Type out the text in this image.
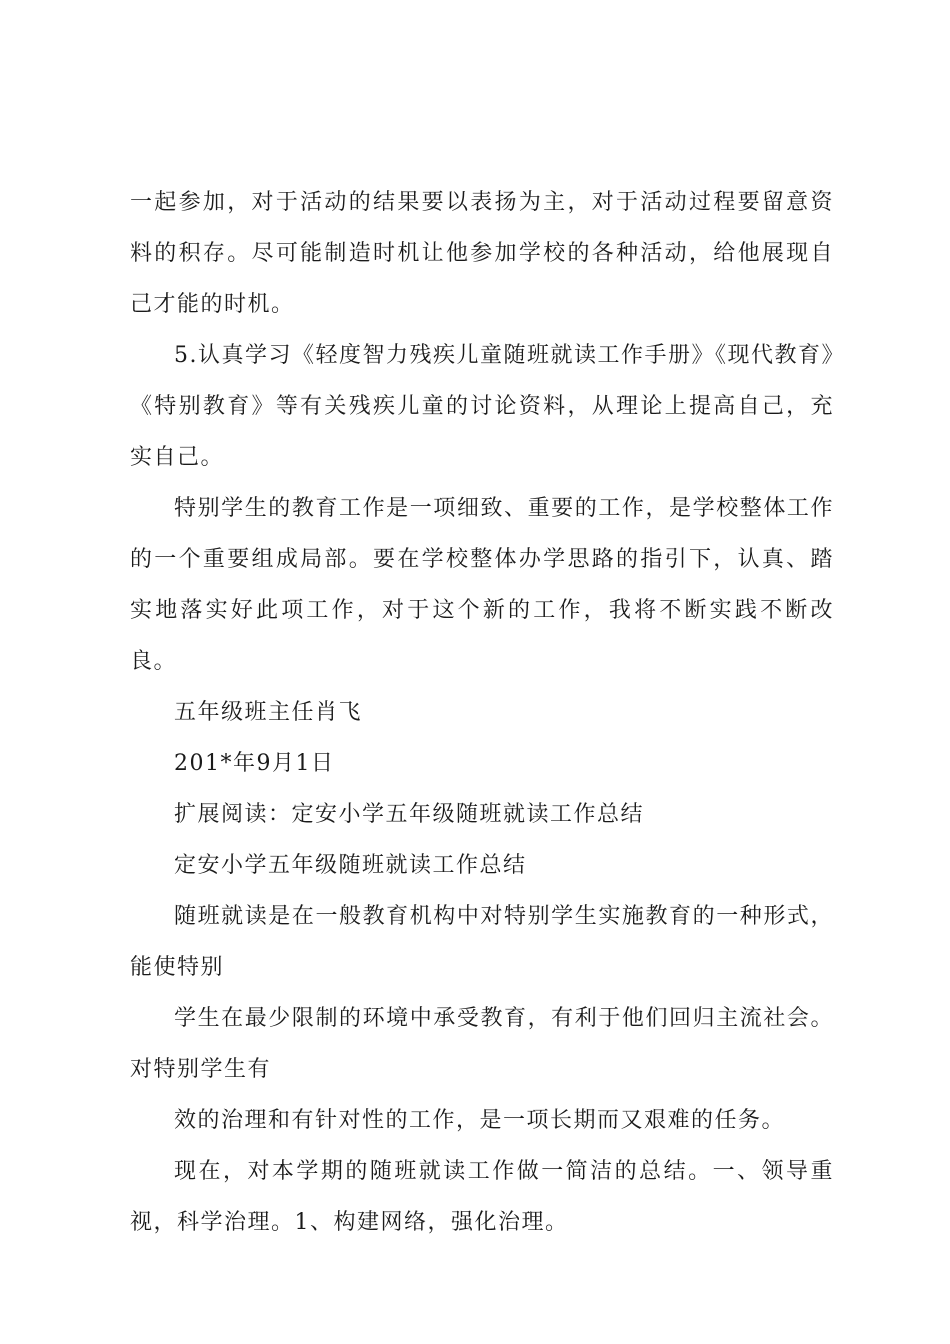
一起参加，对于活动的结果要以表扬为主，对于活动过程要留意资料的积存。尽可能制造时机让他参加学校的各种活动，给他展现自己才能的时机。

5.认真学习《轻度智力残疾儿童随班就读工作手册》《现代教育》《特别教育》等有关残疾儿童的讨论资料，从理论上提高自己，充实自己。

特别学生的教育工作是一项细致、重要的工作，是学校整体工作的一个重要组成局部。要在学校整体办学思路的指引下，认真、踏实地落实好此项工作，对于这个新的工作，我将不断实践不断改良。

五年级班主任肖飞

201*年9月1日

扩展阅读：定安小学五年级随班就读工作总结

定安小学五年级随班就读工作总结

随班就读是在一般教育机构中对特别学生实施教育的一种形式，能使特别

学生在最少限制的环境中承受教育，有利于他们回归主流社会。对特别学生有

效的治理和有针对性的工作，是一项长期而又艰难的任务。

现在，对本学期的随班就读工作做一简洁的总结。一、领导重视，科学治理。1、构建网络，强化治理。
